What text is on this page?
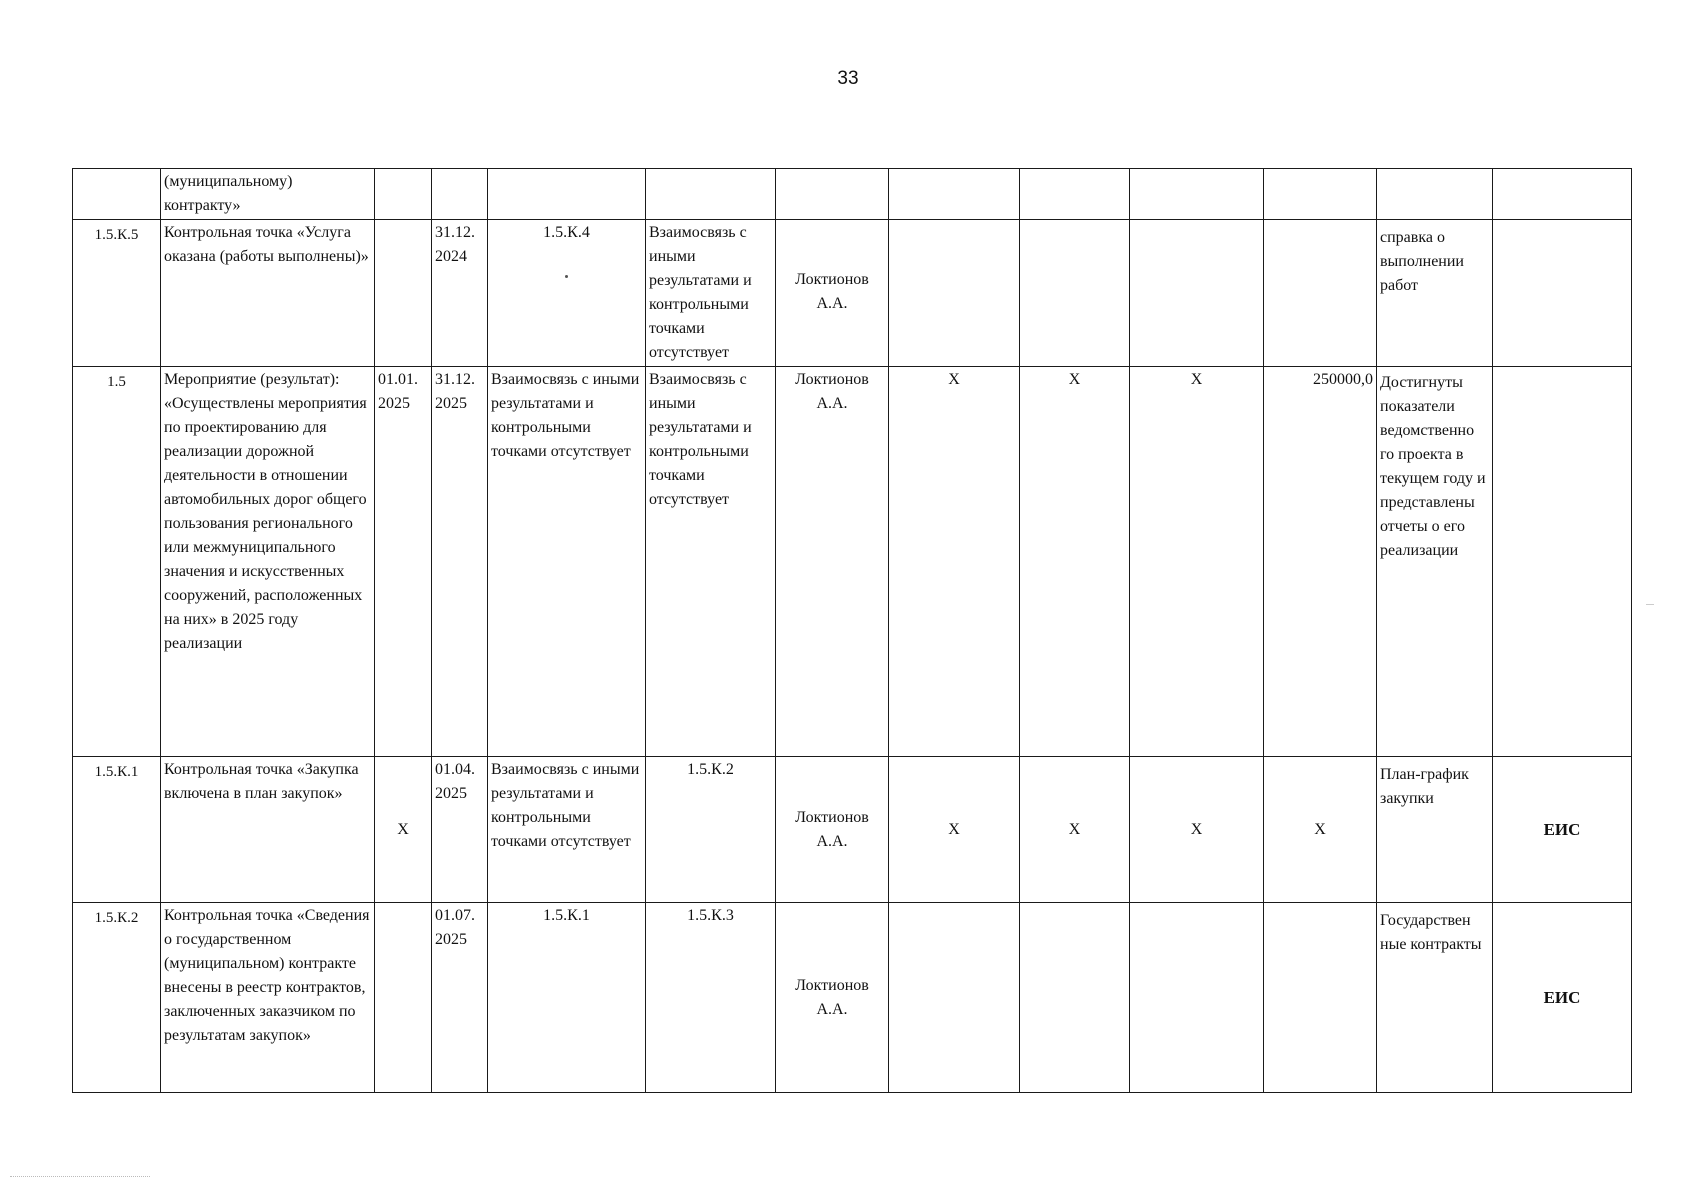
33
	(муниципальному) контракту»											
1.5.К.5	Контрольная точка «Услуга оказана (работы выполнены)»		31.12. 2024	1.5.К.4	Взаимосвязь с иными результатами и контрольными точками отсутствует	Локтионов А.А.					справка о выполнении работ	
1.5	Мероприятие (результат): «Осуществлены мероприятия по проектированию для реализации дорожной деятельности в отношении автомобильных дорог общего пользования регионального или межмуниципального значения и искусственных сооружений, расположенных на них» в 2025 году реализации	01.01. 2025	31.12. 2025	Взаимосвязь с иными результатами и контрольными точками отсутствует	Взаимосвязь с иными результатами и контрольными точками отсутствует	Локтионов А.А.	Х	Х	Х	250000,0	Достигнуты показатели ведомственно го проекта в текущем году и представлены отчеты о его реализации	
1.5.К.1	Контрольная точка «Закупка включена в план закупок»	Х	01.04. 2025	Взаимосвязь с иными результатами и контрольными точками отсутствует	1.5.К.2	Локтионов А.А.	Х	Х	Х	Х	План-график закупки	ЕИС
1.5.К.2	Контрольная точка «Сведения о государственном (муниципальном) контракте внесены в реестр контрактов, заключенных заказчиком по результатам закупок»		01.07. 2025	1.5.К.1	1.5.К.3	Локтионов А.А.					Государствен ные контракты	ЕИС
